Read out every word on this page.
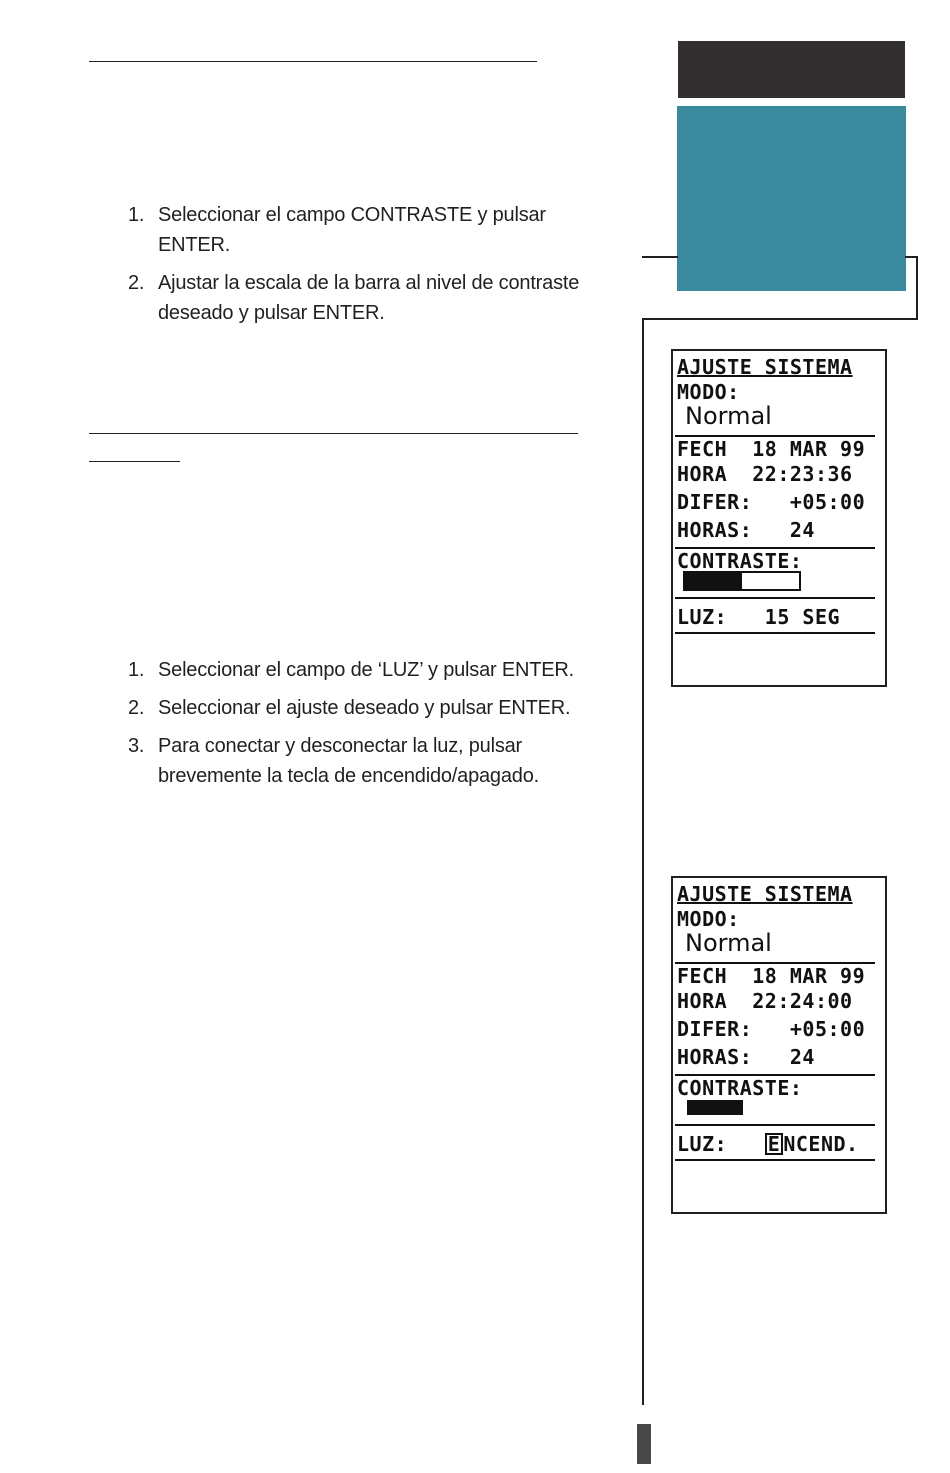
1. Seleccionar el campo CONTRASTE y pulsar ENTER.
2. Ajustar la escala de la barra al nivel de contraste deseado y pulsar ENTER.
1. Seleccionar el campo de ‘LUZ’ y pulsar ENTER.
2. Seleccionar el ajuste deseado y pulsar ENTER.
3. Para conectar y desconectar la luz, pulsar brevemente la tecla de encendido/apagado.
AJUSTE SISTEMA
MODO:
Normal
FECH  18 MAR 99
HORA  22:23:36
DIFER:   +05:00
HORAS:   24
CONTRASTE:
LUZ:   15 SEG
AJUSTE SISTEMA
MODO:
Normal
FECH  18 MAR 99
HORA  22:24:00
DIFER:   +05:00
HORAS:   24
CONTRASTE:
LUZ: E NCEND.
